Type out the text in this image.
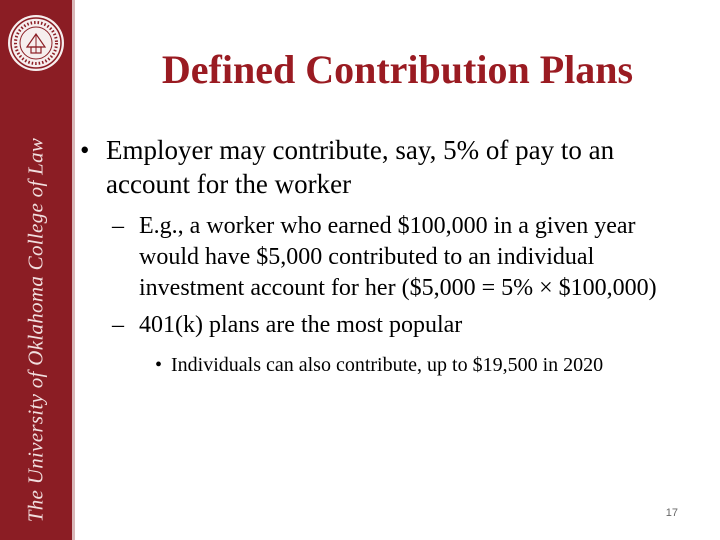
The University of Oklahoma College of Law
Defined Contribution Plans
• Employer may contribute, say, 5% of pay to an account for the worker
– E.g., a worker who earned $100,000 in a given year would have $5,000 contributed to an individual investment account for her ($5,000 = 5% × $100,000)
– 401(k) plans are the most popular
• Individuals can also contribute, up to $19,500 in 2020
17
